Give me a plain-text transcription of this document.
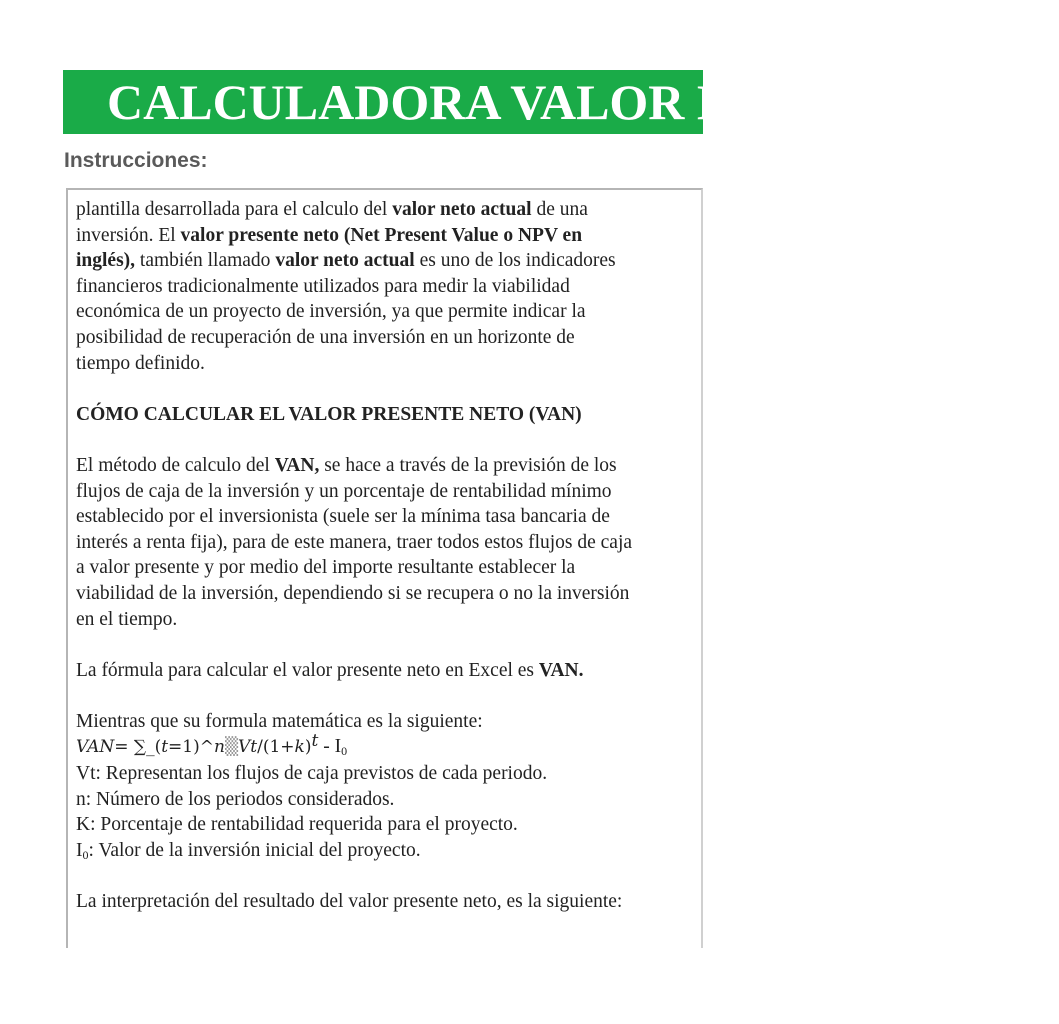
CALCULADORA VALOR NETO ACTUAL
Instrucciones:

plantilla desarrollada para el calculo del valor neto actual de una

inversión. El valor presente neto (Net Present Value o NPV en

inglés), también llamado valor neto actual es uno de los indicadores

financieros tradicionalmente utilizados para medir la viabilidad

económica de un proyecto de inversión, ya que permite indicar la

posibilidad de recuperación de una inversión en un horizonte de

tiempo definido.

CÓMO CALCULAR EL VALOR PRESENTE NETO (VAN)

El método de calculo del VAN, se hace a través de la previsión de los

flujos de caja de la inversión y un porcentaje de rentabilidad mínimo

establecido por el inversionista (suele ser la mínima tasa bancaria de

interés a renta fija), para de este manera, traer todos estos flujos de caja

a valor presente y por medio del importe resultante establecer la

viabilidad de la inversión, dependiendo si se recupera o no la inversión

en el tiempo.

La fórmula para calcular el valor presente neto en Excel es VAN.

Mientras que su formula matemática es la siguiente:

$VAN= \sum\_(t=1)\^{}n▒Vt/(1+k)^t - I_0$

Vt: Representan los flujos de caja previstos de cada periodo.

n: Número de los periodos considerados.

K: Porcentaje de rentabilidad requerida para el proyecto.

$I_0$: Valor de la inversión inicial del proyecto.

La interpretación del resultado del valor presente neto, es la siguiente:
